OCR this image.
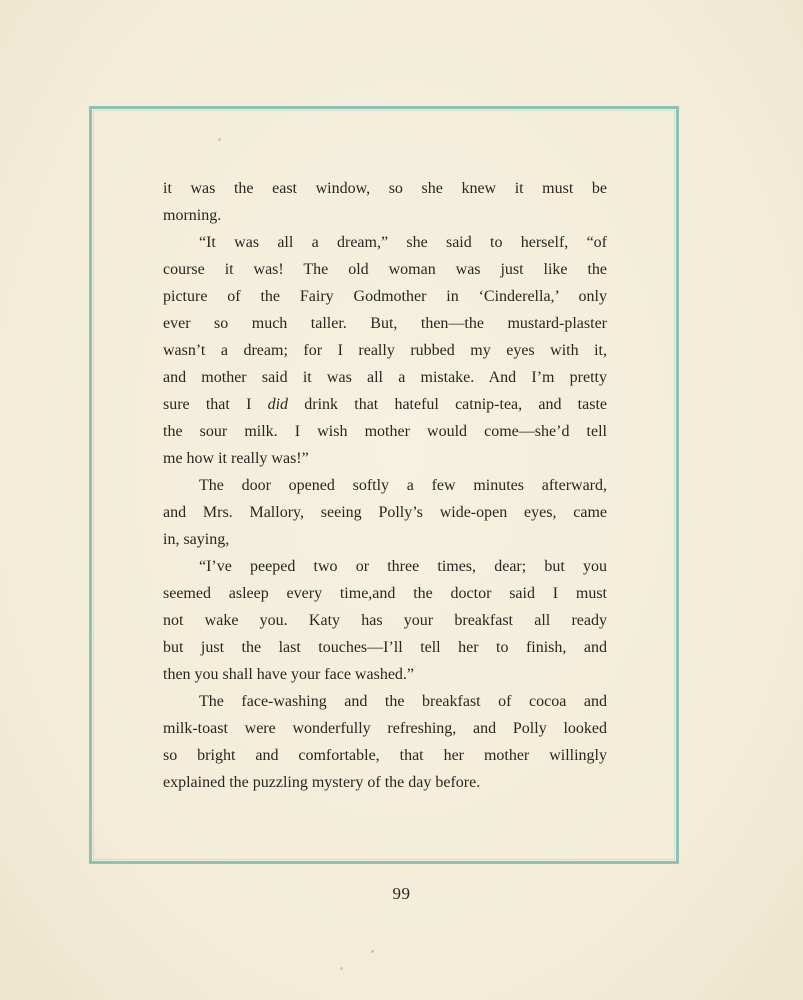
it was the east window, so she knew it must be
morning.
“It was all a dream,” she said to herself, “of
course it was! The old woman was just like the
picture of the Fairy Godmother in ‘Cinderella,’ only
ever so much taller. But, then—the mustard-plaster
wasn’t a dream; for I really rubbed my eyes with it,
and mother said it was all a mistake. And I’m pretty
sure that I did drink that hateful catnip-tea, and taste
the sour milk. I wish mother would come—she’d tell
me how it really was!”
The door opened softly a few minutes afterward,
and Mrs. Mallory, seeing Polly’s wide-open eyes, came
in, saying,
“I’ve peeped two or three times, dear; but you
seemed asleep every time,and the doctor said I must
not wake you. Katy has your breakfast all ready
but just the last touches—I’ll tell her to finish, and
then you shall have your face washed.”
The face-washing and the breakfast of cocoa and
milk-toast were wonderfully refreshing, and Polly looked
so bright and comfortable, that her mother willingly
explained the puzzling mystery of the day before.
99
